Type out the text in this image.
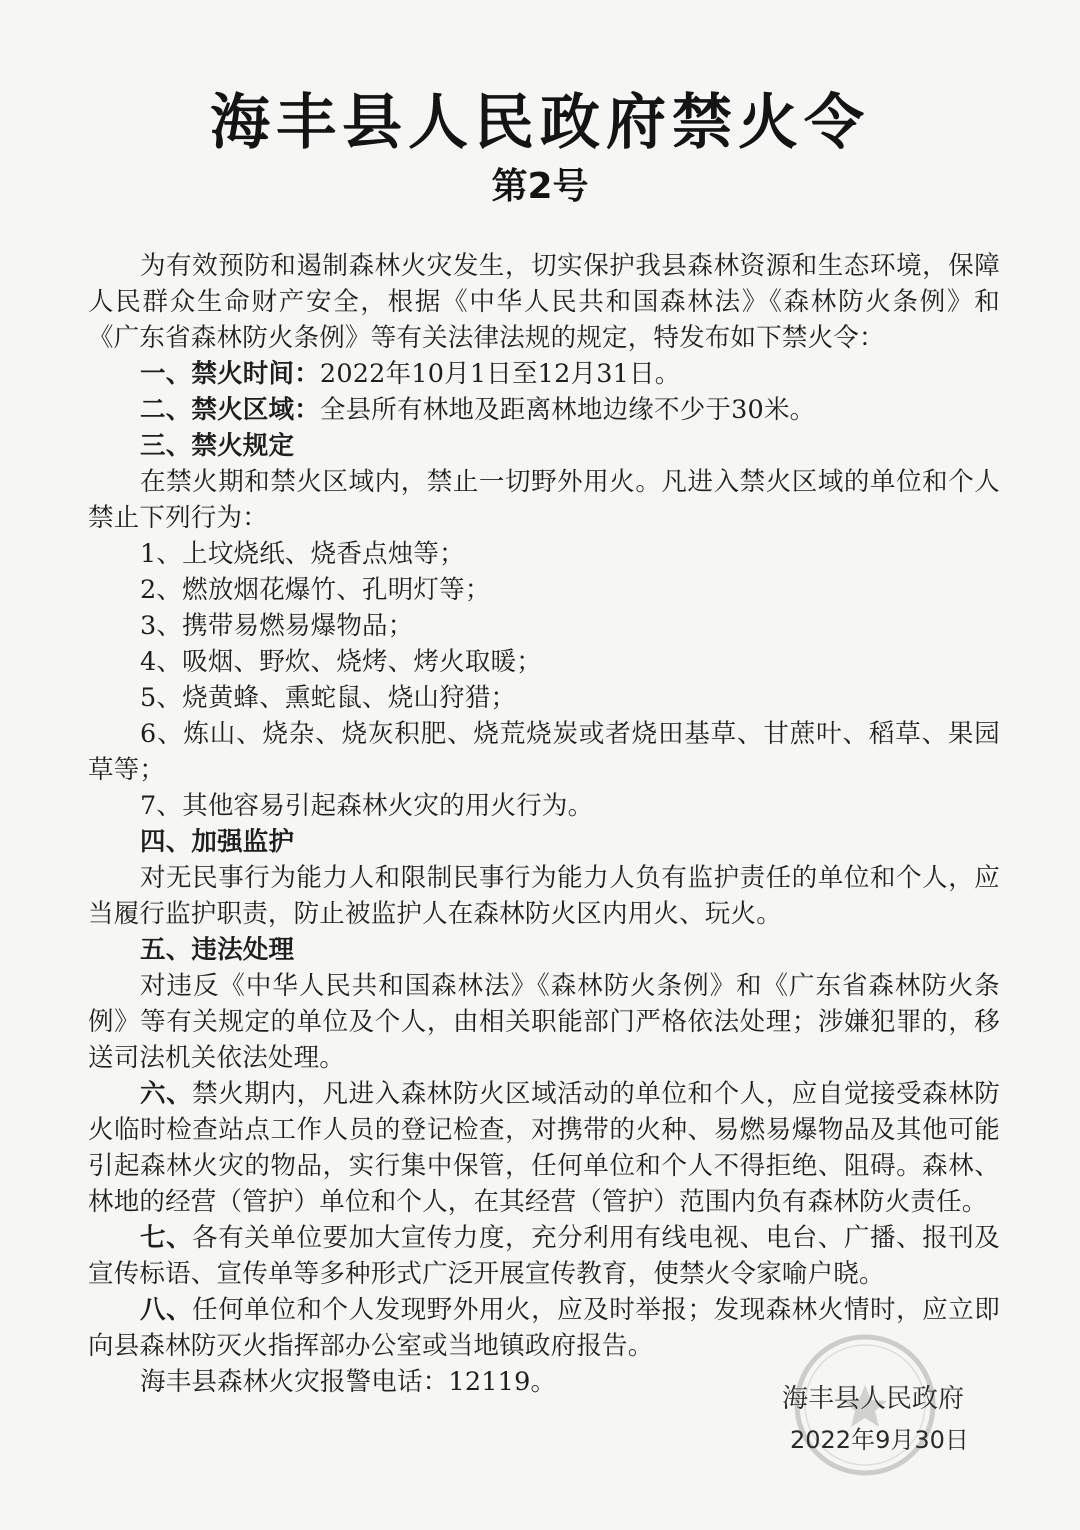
海丰县人民政府禁火令
第2号

为有效预防和遏制森林火灾发生，切实保护我县森林资源和生态环境，保障人民群众生命财产安全，根据《中华人民共和国森林法》《森林防火条例》和《广东省森林防火条例》等有关法律法规的规定，特发布如下禁火令：

一、禁火时间：2022年10月1日至12月31日。

二、禁火区域：全县所有林地及距离林地边缘不少于30米。

三、禁火规定

在禁火期和禁火区域内，禁止一切野外用火。凡进入禁火区域的单位和个人禁止下列行为：

1、上坟烧纸、烧香点烛等；

2、燃放烟花爆竹、孔明灯等；

3、携带易燃易爆物品；

4、吸烟、野炊、烧烤、烤火取暖；

5、烧黄蜂、熏蛇鼠、烧山狩猎；

6、炼山、烧杂、烧灰积肥、烧荒烧炭或者烧田基草、甘蔗叶、稻草、果园草等；

7、其他容易引起森林火灾的用火行为。

四、加强监护

对无民事行为能力人和限制民事行为能力人负有监护责任的单位和个人，应当履行监护职责，防止被监护人在森林防火区内用火、玩火。

五、违法处理

对违反《中华人民共和国森林法》《森林防火条例》和《广东省森林防火条例》等有关规定的单位及个人，由相关职能部门严格依法处理；涉嫌犯罪的，移送司法机关依法处理。

六、禁火期内，凡进入森林防火区域活动的单位和个人，应自觉接受森林防火临时检查站点工作人员的登记检查，对携带的火种、易燃易爆物品及其他可能引起森林火灾的物品，实行集中保管，任何单位和个人不得拒绝、阻碍。森林、林地的经营（管护）单位和个人，在其经营（管护）范围内负有森林防火责任。

七、各有关单位要加大宣传力度，充分利用有线电视、电台、广播、报刊及宣传标语、宣传单等多种形式广泛开展宣传教育，使禁火令家喻户晓。

八、任何单位和个人发现野外用火，应及时举报；发现森林火情时，应立即向县森林防灭火指挥部办公室或当地镇政府报告。

海丰县森林火灾报警电话：12119。

海丰县人民政府
2022年9月30日
